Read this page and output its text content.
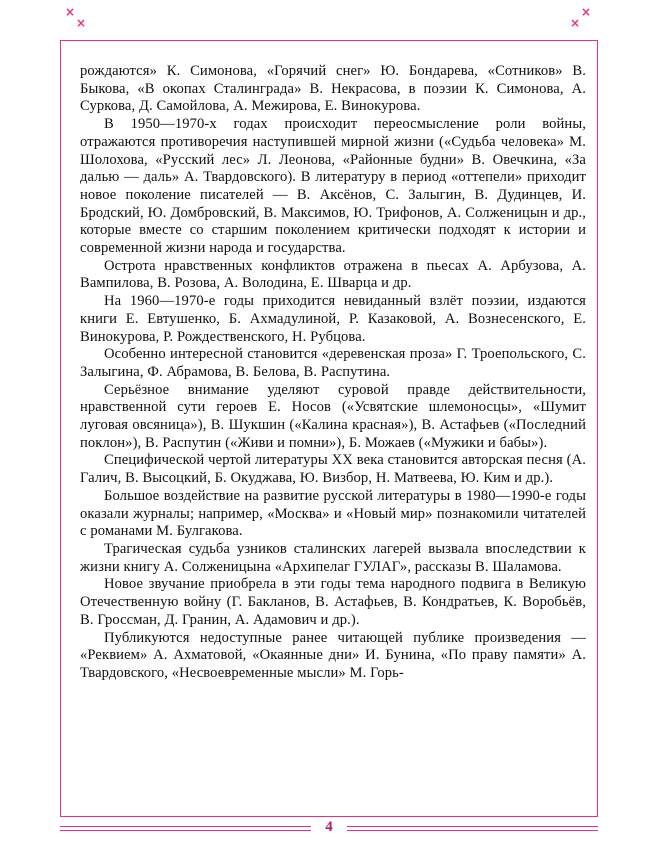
×
×
×
×

рождаются» К. Симонова, «Горячий снег» Ю. Бондарева, «Сотников» В. Быкова, «В окопах Сталинграда» В. Некрасова, в поэзии К. Симонова, А. Суркова, Д. Самойлова, А. Межирова, Е. Винокурова.

В 1950—1970-х годах происходит переосмысление роли войны, отражаются противоречия наступившей мирной жизни («Судьба человека» М. Шолохова, «Русский лес» Л. Леонова, «Районные будни» В. Овечкина, «За далью — даль» А. Твардовского). В литературу в период «оттепели» приходит новое поколение писателей — В. Аксёнов, С. Залыгин, В. Дудинцев, И. Бродский, Ю. Домбровский, В. Максимов, Ю. Трифонов, А. Солженицын и др., которые вместе со старшим поколением критически подходят к истории и современной жизни народа и государства.

Острота нравственных конфликтов отражена в пьесах А. Арбузова, А. Вампилова, В. Розова, А. Володина, Е. Шварца и др.

На 1960—1970-е годы приходится невиданный взлёт поэзии, издаются книги Е. Евтушенко, Б. Ахмадулиной, Р. Казаковой, А. Вознесенского, Е. Винокурова, Р. Рождественского, Н. Рубцова.

Особенно интересной становится «деревенская проза» Г. Троепольского, С. Залыгина, Ф. Абрамова, В. Белова, В. Распутина.

Серьёзное внимание уделяют суровой правде действительности, нравственной сути героев Е. Носов («Усвятские шлемоносцы», «Шумит луговая овсяница»), В. Шукшин («Калина красная»), В. Астафьев («Последний поклон»), В. Распутин («Живи и помни»), Б. Можаев («Мужики и бабы»).

Специфической чертой литературы XX века становится авторская песня (А. Галич, В. Высоцкий, Б. Окуджава, Ю. Визбор, Н. Матвеева, Ю. Ким и др.).

Большое воздействие на развитие русской литературы в 1980—1990-е годы оказали журналы; например, «Москва» и «Новый мир» познакомили читателей с романами М. Булгакова.

Трагическая судьба узников сталинских лагерей вызвала впоследствии к жизни книгу А. Солженицына «Архипелаг ГУЛАГ», рассказы В. Шаламова.

Новое звучание приобрела в эти годы тема народного подвига в Великую Отечественную войну (Г. Бакланов, В. Астафьев, В. Кондратьев, К. Воробьёв, В. Гроссман, Д. Гранин, А. Адамович и др.).

Публикуются недоступные ранее читающей публике произведения — «Реквием» А. Ахматовой, «Окаянные дни» И. Бунина, «По праву памяти» А. Твардовского, «Несвоевременные мысли» М. Горь-

4
